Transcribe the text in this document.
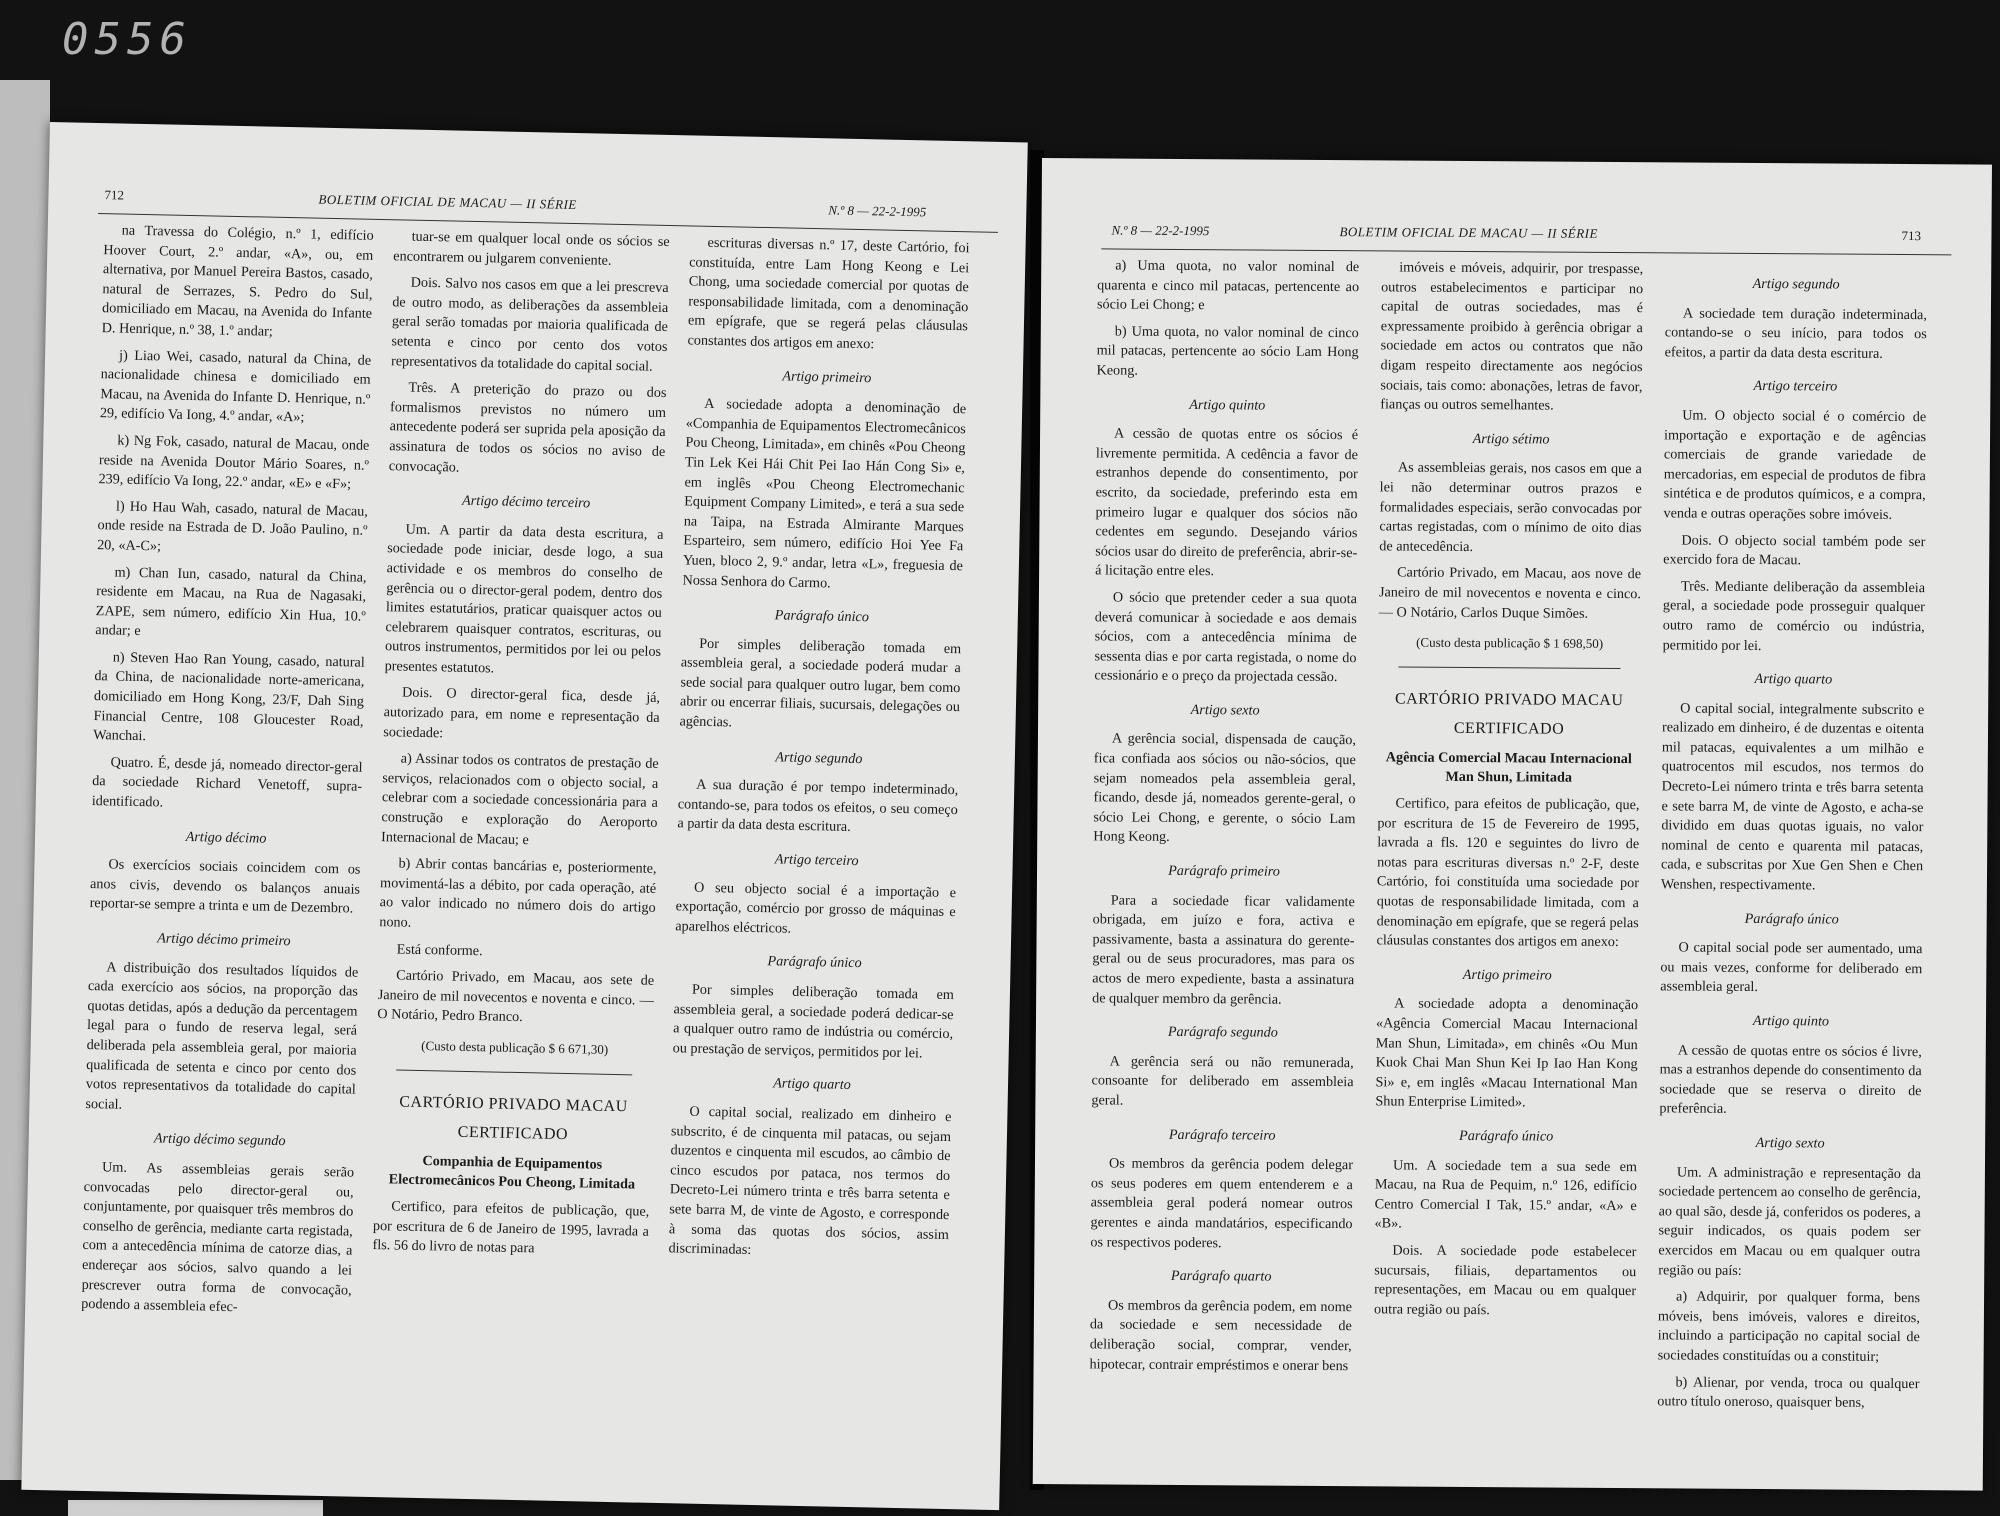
0556
712	BOLETIM OFICIAL DE MACAU — II SÉRIE	N.º 8 — 22-2-1995

na Travessa do Colégio, n.º 1, edifício Hoover Court, 2.º andar, «A», ou, em alternativa, por Manuel Pereira Bastos, casado, natural de Serrazes, S. Pedro do Sul, domiciliado em Macau, na Avenida do Infante D. Henrique, n.º 38, 1.º andar;

j) Liao Wei, casado, natural da China, de nacionalidade chinesa e domiciliado em Macau, na Avenida do Infante D. Henrique, n.º 29, edifício Va Iong, 4.º andar, «A»;

k) Ng Fok, casado, natural de Macau, onde reside na Avenida Doutor Mário Soares, n.º 239, edifício Va Iong, 22.º andar, «E» e «F»;

l) Ho Hau Wah, casado, natural de Macau, onde reside na Estrada de D. João Paulino, n.º 20, «A-C»;

m) Chan Iun, casado, natural da China, residente em Macau, na Rua de Nagasaki, ZAPE, sem número, edifício Xin Hua, 10.º andar; e

n) Steven Hao Ran Young, casado, natural da China, de nacionalidade norte-americana, domiciliado em Hong Kong, 23/F, Dah Sing Financial Centre, 108 Gloucester Road, Wanchai.

Quatro. É, desde já, nomeado director-geral da sociedade Richard Venetoff, supra-identificado.

Artigo décimo

Os exercícios sociais coincidem com os anos civis, devendo os balanços anuais reportar-se sempre a trinta e um de Dezembro.

Artigo décimo primeiro

A distribuição dos resultados líquidos de cada exercício aos sócios, na proporção das quotas detidas, após a dedução da percentagem legal para o fundo de reserva legal, será deliberada pela assembleia geral, por maioria qualificada de setenta e cinco por cento dos votos representativos da totalidade do capital social.

Artigo décimo segundo

Um. As assembleias gerais serão convocadas pelo director-geral ou, conjuntamente, por quaisquer três membros do conselho de gerência, mediante carta registada, com a antecedência mínima de catorze dias, a endereçar aos sócios, salvo quando a lei prescrever outra forma de convocação, podendo a assembleia efec-

tuar-se em qualquer local onde os sócios se encontrarem ou julgarem conveniente.

Dois. Salvo nos casos em que a lei prescreva de outro modo, as deliberações da assembleia geral serão tomadas por maioria qualificada de setenta e cinco por cento dos votos representativos da totalidade do capital social.

Três. A preterição do prazo ou dos formalismos previstos no número um antecedente poderá ser suprida pela aposição da assinatura de todos os sócios no aviso de convocação.

Artigo décimo terceiro

Um. A partir da data desta escritura, a sociedade pode iniciar, desde logo, a sua actividade e os membros do conselho de gerência ou o director-geral podem, dentro dos limites estatutários, praticar quaisquer actos ou celebrarem quaisquer contratos, escrituras, ou outros instrumentos, permitidos por lei ou pelos presentes estatutos.

Dois. O director-geral fica, desde já, autorizado para, em nome e representação da sociedade:

a) Assinar todos os contratos de prestação de serviços, relacionados com o objecto social, a celebrar com a sociedade concessionária para a construção e exploração do Aeroporto Internacional de Macau; e

b) Abrir contas bancárias e, posteriormente, movimentá-las a débito, por cada operação, até ao valor indicado no número dois do artigo nono.

Está conforme.

Cartório Privado, em Macau, aos sete de Janeiro de mil novecentos e noventa e cinco. — O Notário, Pedro Branco.

(Custo desta publicação $ 6 671,30)

CARTÓRIO PRIVADO MACAU

CERTIFICADO

Companhia de Equipamentos Electromecânicos Pou Cheong, Limitada

Certifico, para efeitos de publicação, que, por escritura de 6 de Janeiro de 1995, lavrada a fls. 56 do livro de notas para

escrituras diversas n.º 17, deste Cartório, foi constituída, entre Lam Hong Keong e Lei Chong, uma sociedade comercial por quotas de responsabilidade limitada, com a denominação em epígrafe, que se regerá pelas cláusulas constantes dos artigos em anexo:

Artigo primeiro

A sociedade adopta a denominação de «Companhia de Equipamentos Electromecânicos Pou Cheong, Limitada», em chinês «Pou Cheong Tin Lek Kei Hái Chit Pei Iao Hán Cong Si» e, em inglês «Pou Cheong Electromechanic Equipment Company Limited», e terá a sua sede na Taipa, na Estrada Almirante Marques Esparteiro, sem número, edifício Hoi Yee Fa Yuen, bloco 2, 9.º andar, letra «L», freguesia de Nossa Senhora do Carmo.

Parágrafo único

Por simples deliberação tomada em assembleia geral, a sociedade poderá mudar a sede social para qualquer outro lugar, bem como abrir ou encerrar filiais, sucursais, delegações ou agências.

Artigo segundo

A sua duração é por tempo indeterminado, contando-se, para todos os efeitos, o seu começo a partir da data desta escritura.

Artigo terceiro

O seu objecto social é a importação e exportação, comércio por grosso de máquinas e aparelhos eléctricos.

Parágrafo único

Por simples deliberação tomada em assembleia geral, a sociedade poderá dedicar-se a qualquer outro ramo de indústria ou comércio, ou prestação de serviços, permitidos por lei.

Artigo quarto

O capital social, realizado em dinheiro e subscrito, é de cinquenta mil patacas, ou sejam duzentos e cinquenta mil escudos, ao câmbio de cinco escudos por pataca, nos termos do Decreto-Lei número trinta e três barra setenta e sete barra M, de vinte de Agosto, e corresponde à soma das quotas dos sócios, assim discriminadas:

N.º 8 — 22-2-1995	BOLETIM OFICIAL DE MACAU — II SÉRIE	713

a) Uma quota, no valor nominal de quarenta e cinco mil patacas, pertencente ao sócio Lei Chong; e

b) Uma quota, no valor nominal de cinco mil patacas, pertencente ao sócio Lam Hong Keong.

Artigo quinto

A cessão de quotas entre os sócios é livremente permitida. A cedência a favor de estranhos depende do consentimento, por escrito, da sociedade, preferindo esta em primeiro lugar e qualquer dos sócios não cedentes em segundo. Desejando vários sócios usar do direito de preferência, abrir-se-á licitação entre eles.

O sócio que pretender ceder a sua quota deverá comunicar à sociedade e aos demais sócios, com a antecedência mínima de sessenta dias e por carta registada, o nome do cessionário e o preço da projectada cessão.

Artigo sexto

A gerência social, dispensada de caução, fica confiada aos sócios ou não-sócios, que sejam nomeados pela assembleia geral, ficando, desde já, nomeados gerente-geral, o sócio Lei Chong, e gerente, o sócio Lam Hong Keong.

Parágrafo primeiro

Para a sociedade ficar validamente obrigada, em juízo e fora, activa e passivamente, basta a assinatura do gerente-geral ou de seus procuradores, mas para os actos de mero expediente, basta a assinatura de qualquer membro da gerência.

Parágrafo segundo

A gerência será ou não remunerada, consoante for deliberado em assembleia geral.

Parágrafo terceiro

Os membros da gerência podem delegar os seus poderes em quem entenderem e a assembleia geral poderá nomear outros gerentes e ainda mandatários, especificando os respectivos poderes.

Parágrafo quarto

Os membros da gerência podem, em nome da sociedade e sem necessidade de deliberação social, comprar, vender, hipotecar, contrair empréstimos e onerar bens

imóveis e móveis, adquirir, por trespasse, outros estabelecimentos e participar no capital de outras sociedades, mas é expressamente proibido à gerência obrigar a sociedade em actos ou contratos que não digam respeito directamente aos negócios sociais, tais como: abonações, letras de favor, fianças ou outros semelhantes.

Artigo sétimo

As assembleias gerais, nos casos em que a lei não determinar outros prazos e formalidades especiais, serão convocadas por cartas registadas, com o mínimo de oito dias de antecedência.

Cartório Privado, em Macau, aos nove de Janeiro de mil novecentos e noventa e cinco. — O Notário, Carlos Duque Simões.

(Custo desta publicação $ 1 698,50)

CARTÓRIO PRIVADO MACAU

CERTIFICADO

Agência Comercial Macau Internacional Man Shun, Limitada

Certifico, para efeitos de publicação, que, por escritura de 15 de Fevereiro de 1995, lavrada a fls. 120 e seguintes do livro de notas para escrituras diversas n.º 2-F, deste Cartório, foi constituída uma sociedade por quotas de responsabilidade limitada, com a denominação em epígrafe, que se regerá pelas cláusulas constantes dos artigos em anexo:

Artigo primeiro

A sociedade adopta a denominação «Agência Comercial Macau Internacional Man Shun, Limitada», em chinês «Ou Mun Kuok Chai Man Shun Kei Ip Iao Han Kong Si» e, em inglês «Macau International Man Shun Enterprise Limited».

Parágrafo único

Um. A sociedade tem a sua sede em Macau, na Rua de Pequim, n.º 126, edifício Centro Comercial I Tak, 15.º andar, «A» e «B».

Dois. A sociedade pode estabelecer sucursais, filiais, departamentos ou representações, em Macau ou em qualquer outra região ou país.

Artigo segundo

A sociedade tem duração indeterminada, contando-se o seu início, para todos os efeitos, a partir da data desta escritura.

Artigo terceiro

Um. O objecto social é o comércio de importação e exportação e de agências comerciais de grande variedade de mercadorias, em especial de produtos de fibra sintética e de produtos químicos, e a compra, venda e outras operações sobre imóveis.

Dois. O objecto social também pode ser exercido fora de Macau.

Três. Mediante deliberação da assembleia geral, a sociedade pode prosseguir qualquer outro ramo de comércio ou indústria, permitido por lei.

Artigo quarto

O capital social, integralmente subscrito e realizado em dinheiro, é de duzentas e oitenta mil patacas, equivalentes a um milhão e quatrocentos mil escudos, nos termos do Decreto-Lei número trinta e três barra setenta e sete barra M, de vinte de Agosto, e acha-se dividido em duas quotas iguais, no valor nominal de cento e quarenta mil patacas, cada, e subscritas por Xue Gen Shen e Chen Wenshen, respectivamente.

Parágrafo único

O capital social pode ser aumentado, uma ou mais vezes, conforme for deliberado em assembleia geral.

Artigo quinto

A cessão de quotas entre os sócios é livre, mas a estranhos depende do consentimento da sociedade que se reserva o direito de preferência.

Artigo sexto

Um. A administração e representação da sociedade pertencem ao conselho de gerência, ao qual são, desde já, conferidos os poderes, a seguir indicados, os quais podem ser exercidos em Macau ou em qualquer outra região ou país:

a) Adquirir, por qualquer forma, bens móveis, bens imóveis, valores e direitos, incluindo a participação no capital social de sociedades constituídas ou a constituir;

b) Alienar, por venda, troca ou qualquer outro título oneroso, quaisquer bens,
